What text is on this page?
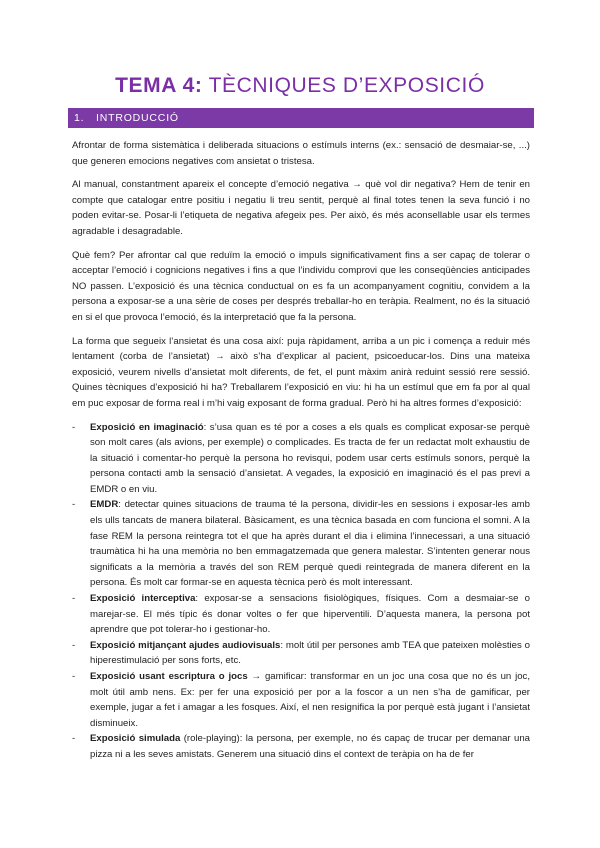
TEMA 4: TÈCNIQUES D’EXPOSICIÓ
1. INTRODUCCIÓ

Afrontar de forma sistemàtica i deliberada situacions o estímuls interns (ex.: sensació de desmaiar-se, ...) que generen emocions negatives com ansietat o tristesa.

Al manual, constantment apareix el concepte d’emoció negativa → què vol dir negativa? Hem de tenir en compte que catalogar entre positiu i negatiu li treu sentit, perquè al final totes tenen la seva funció i no poden evitar-se. Posar-li l’etiqueta de negativa afegeix pes. Per això, és més aconsellable usar els termes agradable i desagradable.

Què fem? Per afrontar cal que reduïm la emoció o impuls significativament fins a ser capaç de tolerar o acceptar l’emoció i cognicions negatives i fins a que l’individu comprovi que les conseqüències anticipades NO passen. L’exposició és una tècnica conductual on es fa un acompanyament cognitiu, convidem a la persona a exposar-se a una sèrie de coses per després treballar-ho en teràpia. Realment, no és la situació en si el que provoca l’emoció, és la interpretació que fa la persona.

La forma que segueix l’ansietat és una cosa així: puja ràpidament, arriba a un pic i comença a reduir més lentament (corba de l’ansietat) → això s’ha d’explicar al pacient, psicoeducar-los. Dins una mateixa exposició, veurem nivells d’ansietat molt diferents, de fet, el punt màxim anirà reduint sessió rere sessió. Quines tècniques d’exposició hi ha? Treballarem l’exposició en viu: hi ha un estímul que em fa por al qual em puc exposar de forma real i m’hi vaig exposant de forma gradual. Però hi ha altres formes d’exposició:

- Exposició en imaginació: s’usa quan es té por a coses a els quals es complicat exposar-se perquè son molt cares (als avions, per exemple) o complicades. Es tracta de fer un redactat molt exhaustiu de la situació i comentar-ho perquè la persona ho revisqui, podem usar certs estímuls sonors, perquè la persona contacti amb la sensació d’ansietat. A vegades, la exposició en imaginació és el pas previ a EMDR o en viu.
- EMDR: detectar quines situacions de trauma té la persona, dividir-les en sessions i exposar-les amb els ulls tancats de manera bilateral. Bàsicament, es una tècnica basada en com funciona el somni. A la fase REM la persona reintegra tot el que ha après durant el dia i elimina l’innecessari, a una situació traumàtica hi ha una memòria no ben emmagatzemada que genera malestar. S’intenten generar nous significats a la memòria a través del son REM perquè quedi reintegrada de manera diferent en la persona. És molt car formar-se en aquesta tècnica però és molt interessant.
- Exposició interceptiva: exposar-se a sensacions fisiològiques, físiques. Com a desmaiar-se o marejar-se. El més típic és donar voltes o fer que hiperventili. D’aquesta manera, la persona pot aprendre que pot tolerar-ho i gestionar-ho.
- Exposició mitjançant ajudes audiovisuals: molt útil per persones amb TEA que pateixen molèsties o hiperestimulació per sons forts, etc.
- Exposició usant escriptura o jocs → gamificar: transformar en un joc una cosa que no és un joc, molt útil amb nens. Ex: per fer una exposició per por a la foscor a un nen s’ha de gamificar, per exemple, jugar a fet i amagar a les fosques. Així, el nen resignifica la por perquè està jugant i l’ansietat disminueix.
- Exposició simulada (role-playing): la persona, per exemple, no és capaç de trucar per demanar una pizza ni a les seves amistats. Generem una situació dins el context de teràpia on ha de fer
